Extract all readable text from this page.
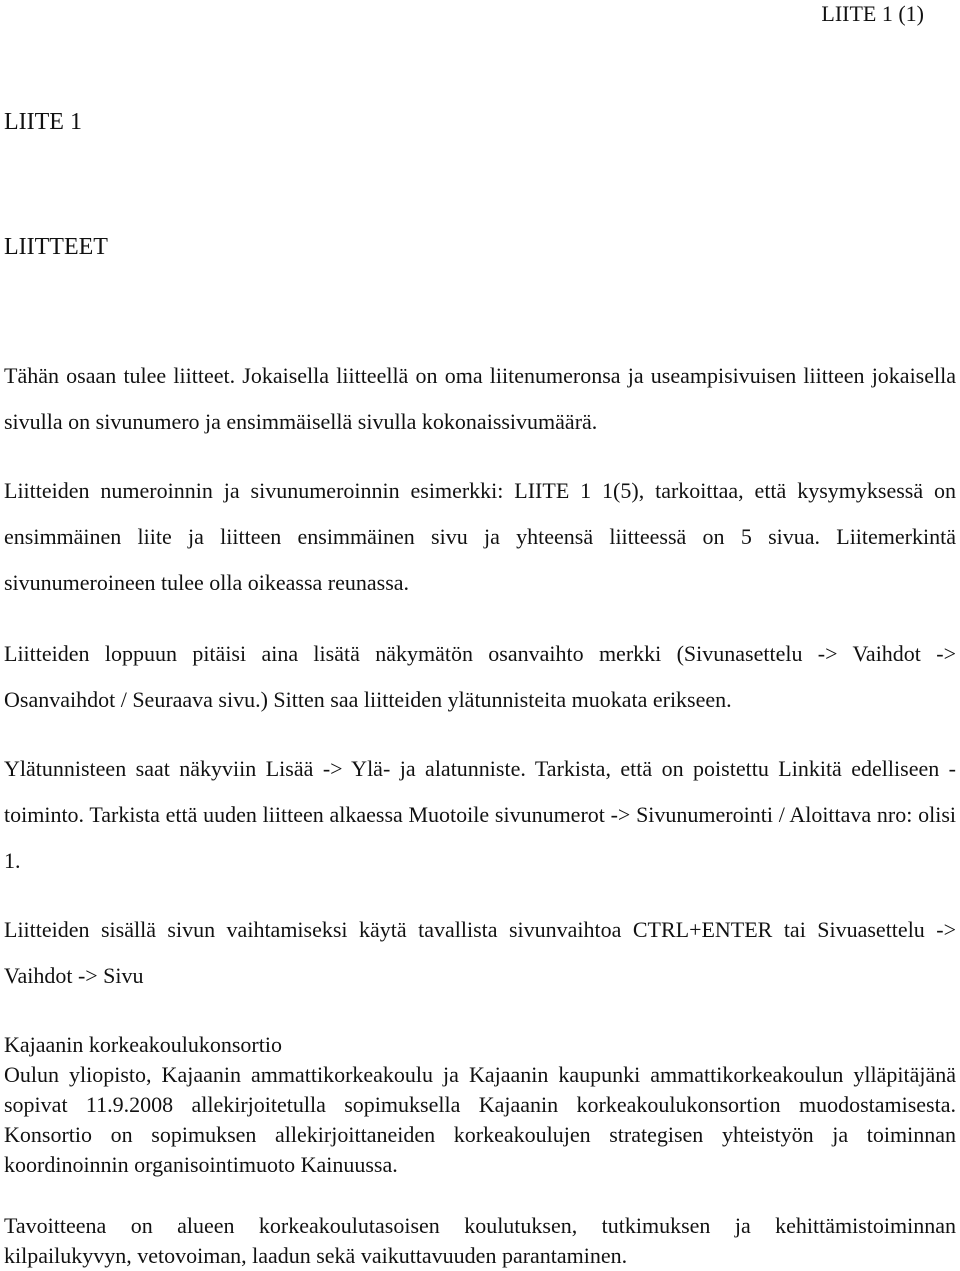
LIITE 1 (1)
LIITE 1
LIITTEET

Tähän osaan tulee liitteet. Jokaisella liitteellä on oma liitenumeronsa ja useampisivuisen liitteen jokaisella sivulla on sivunumero ja ensimmäisellä sivulla kokonaissivumäärä.

Liitteiden numeroinnin ja sivunumeroinnin esimerkki: LIITE 1 1(5), tarkoittaa, että kysymyksessä on ensimmäinen liite ja liitteen ensimmäinen sivu ja yhteensä liitteessä on 5 sivua. Liitemerkintä sivunumeroineen tulee olla oikeassa reunassa.

Liitteiden loppuun pitäisi aina lisätä näkymätön osanvaihto merkki (Sivunasettelu -> Vaihdot -> Osanvaihdot / Seuraava sivu.) Sitten saa liitteiden ylätunnisteita muokata erikseen.

Ylätunnisteen saat näkyviin Lisää -> Ylä- ja alatunniste. Tarkista, että on poistettu Linkitä edelliseen -toiminto. Tarkista että uuden liitteen alkaessa Muotoile sivunumerot -> Sivunumerointi / Aloittava nro: olisi 1.

Liitteiden sisällä sivun vaihtamiseksi käytä tavallista sivunvaihtoa CTRL+ENTER tai Sivuasettelu -> Vaihdot -> Sivu

Kajaanin korkeakoulukonsortio
Oulun yliopisto, Kajaanin ammattikorkeakoulu ja Kajaanin kaupunki ammattikorkeakoulun ylläpitäjänä sopivat 11.9.2008 allekirjoitetulla sopimuksella Kajaanin korkeakoulukonsortion muodostamisesta. Konsortio on sopimuksen allekirjoittaneiden korkeakoulujen strategisen yhteistyön ja toiminnan koordinoinnin organisointimuoto Kainuussa.

Tavoitteena on alueen korkeakoulutasoisen koulutuksen, tutkimuksen ja kehittämistoiminnan kilpailukyvyn, vetovoiman, laadun sekä vaikuttavuuden parantaminen.
